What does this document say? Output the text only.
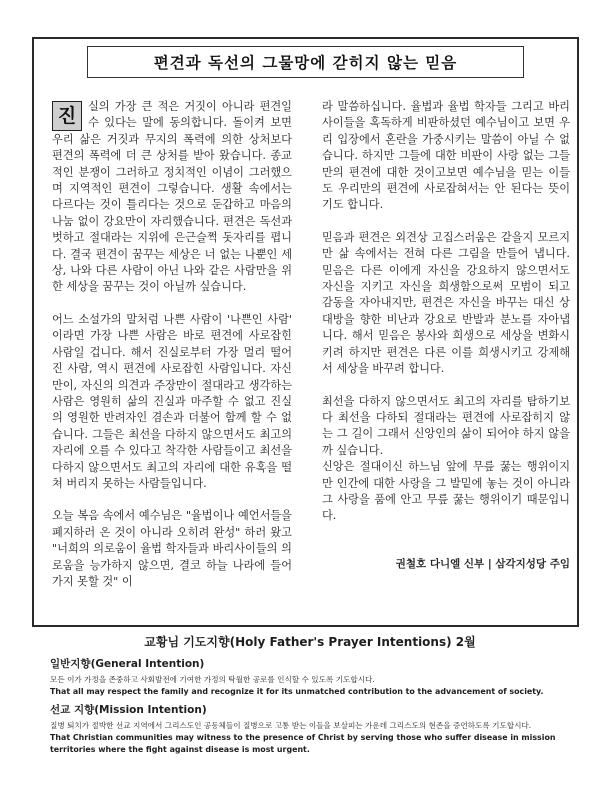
편견과 독선의 그물망에 갇히지 않는 믿음

진	실의 가장 큰 적은 거짓이 아니라 편견일 수 있다는 말에 동의합니다. 돌이켜 보면 우리 삶은 거짓과 무지의 폭력에 의한 상처보다 편견의 폭력에 더 큰 상처를 받아 왔습니다. 종교적인 분쟁이 그러하고 정치적인 이념이 그러했으며 지역적인 편견이 그렇습니다. 생활 속에서는 다르다는 것이 틀리다는 것으로 둔갑하고 마음의 나눔 없이 강요만이 자리했습니다. 편견은 독선과 벗하고 절대라는 지위에 은근슬쩍 돗자리를 폅니다. 결국 편견이 꿈꾸는 세상은 너 없는 나뿐인 세상, 나와 다른 사람이 아닌 나와 같은 사람만을 위한 세상을 꿈꾸는 것이 아닐까 싶습니다.

어느 소설가의 말처럼 나쁜 사람이 '나쁜인 사람' 이라면 가장 나쁜 사람은 바로 편견에 사로잡힌 사람일 겁니다. 해서 진실로부터 가장 멀리 떨어진 사람, 역시 편견에 사로잡힌 사람입니다. 자신만이, 자신의 의견과 주장만이 절대라고 생각하는 사람은 영원히 삶의 진실과 마주할 수 없고 진실의 영원한 반려자인 겸손과 더불어 함께 할 수 없습니다. 그들은 최선을 다하지 않으면서도 최고의 자리에 오를 수 있다고 착각한 사람들이고 최선을 다하지 않으면서도 최고의 자리에 대한 유혹을 떨쳐 버리지 못하는 사람들입니다.

오늘 복음 속에서 예수님은 "율법이나 예언서들을 폐지하러 온 것이 아니라 오히려 완성" 하러 왔고 "너희의 의로움이 율법 학자들과 바리사이들의 의로움을 능가하지 않으면, 결코 하늘 나라에 들어가지 못할 것" 이

라 말씀하십니다. 율법과 율법 학자들 그리고 바리사이들을 혹독하게 비판하셨던 예수님이고 보면 우리 입장에서 혼란을 가중시키는 말씀이 아닐 수 없습니다. 하지만 그들에 대한 비판이 사랑 없는 그들만의 편견에 대한 것이고보면 예수님을 믿는 이들도 우리만의 편견에 사로잡혀서는 안 된다는 뜻이기도 합니다.

믿음과 편견은 외견상 고집스러움은 같을지 모르지만 삶 속에서는 전혀 다른 그림을 만들어 냅니다. 믿음은 다른 이에게 자신을 강요하지 않으면서도 자신을 지키고 자신을 희생함으로써 모범이 되고 감동을 자아내지만, 편견은 자신을 바꾸는 대신 상대방을 향한 비난과 강요로 반발과 분노를 자아냅니다. 해서 믿음은 봉사와 희생으로 세상을 변화시키려 하지만 편견은 다른 이를 희생시키고 강제해서 세상을 바꾸려 합니다.

최선을 다하지 않으면서도 최고의 자리를 탐하기보다 최선을 다하되 절대라는 편견에 사로잡히지 않는 그 길이 그래서 신앙인의 삶이 되어야 하지 않을까 싶습니다.

신앙은 절대이신 하느님 앞에 무릎 꿇는 행위이지만 인간에 대한 사랑을 그 발밑에 놓는 것이 아니라 그 사랑을 품에 안고 무릎 꿇는 행위이기 때문입니다.

권철호 다니엘 신부 | 삼각지성당 주임
교황님 기도지향(Holy Father's Prayer Intentions) 2월
일반지향(General Intention)
모든 이가 가정을 존중하고 사회발전에 기여한 가정의 탁월한 공로를 인식할 수 있도록 기도합시다.
That all may respect the family and recognize it for its unmatched contribution to the advancement of society.
선교 지향(Mission Intention)
질병 퇴치가 절박한 선교 지역에서 그리스도인 공동체들이 질병으로 고통 받는 이들을 보살피는 가운데 그리스도의 현존을 증언하도록 기도합시다.
That Christian communities may witness to the presence of Christ by serving those who suffer disease in mission territories where the fight against disease is most urgent.
